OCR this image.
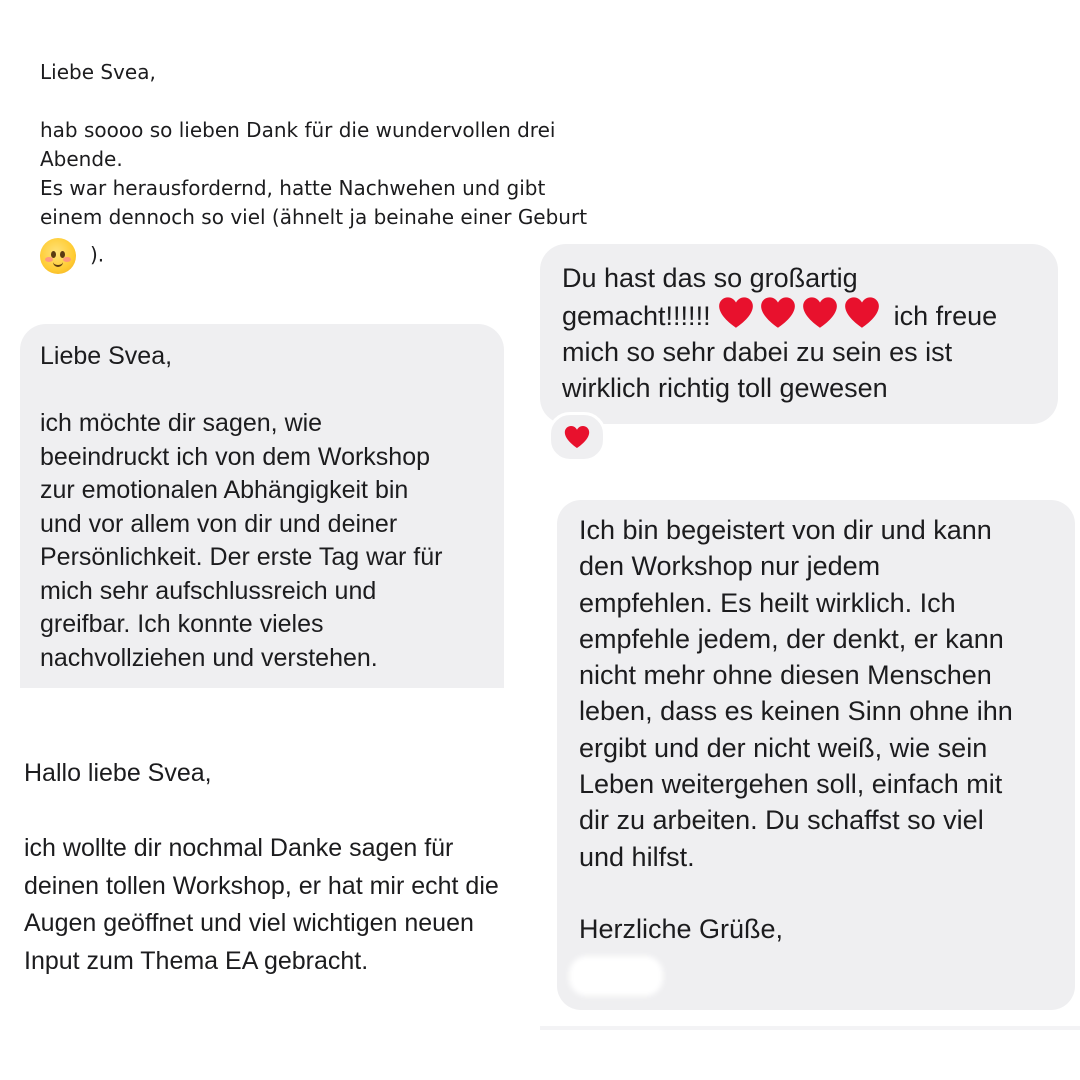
Liebe Svea,

hab soooo so lieben Dank für die wundervollen drei

Abende.

Es war herausfordernd, hatte Nachwehen und gibt

einem dennoch so viel (ähnelt ja beinahe einer Geburt

).

Du hast das so großartig
gemacht!!!!!!	ich freue
mich so sehr dabei zu sein es ist
wirklich richtig toll gewesen

Liebe Svea,

ich möchte dir sagen, wie
beeindruckt ich von dem Workshop
zur emotionalen Abhängigkeit bin
und vor allem von dir und deiner
Persönlichkeit. Der erste Tag war für
mich sehr aufschlussreich und
greifbar. Ich konnte vieles
nachvollziehen und verstehen.

Hallo liebe Svea,

ich wollte dir nochmal Danke sagen für
deinen tollen Workshop, er hat mir echt die
Augen geöffnet und viel wichtigen neuen
Input zum Thema EA gebracht.

Ich bin begeistert von dir und kann
den Workshop nur jedem
empfehlen. Es heilt wirklich. Ich
empfehle jedem, der denkt, er kann
nicht mehr ohne diesen Menschen
leben, dass es keinen Sinn ohne ihn
ergibt und der nicht weiß, wie sein
Leben weitergehen soll, einfach mit
dir zu arbeiten. Du schaffst so viel
und hilfst.

Herzliche Grüße,
